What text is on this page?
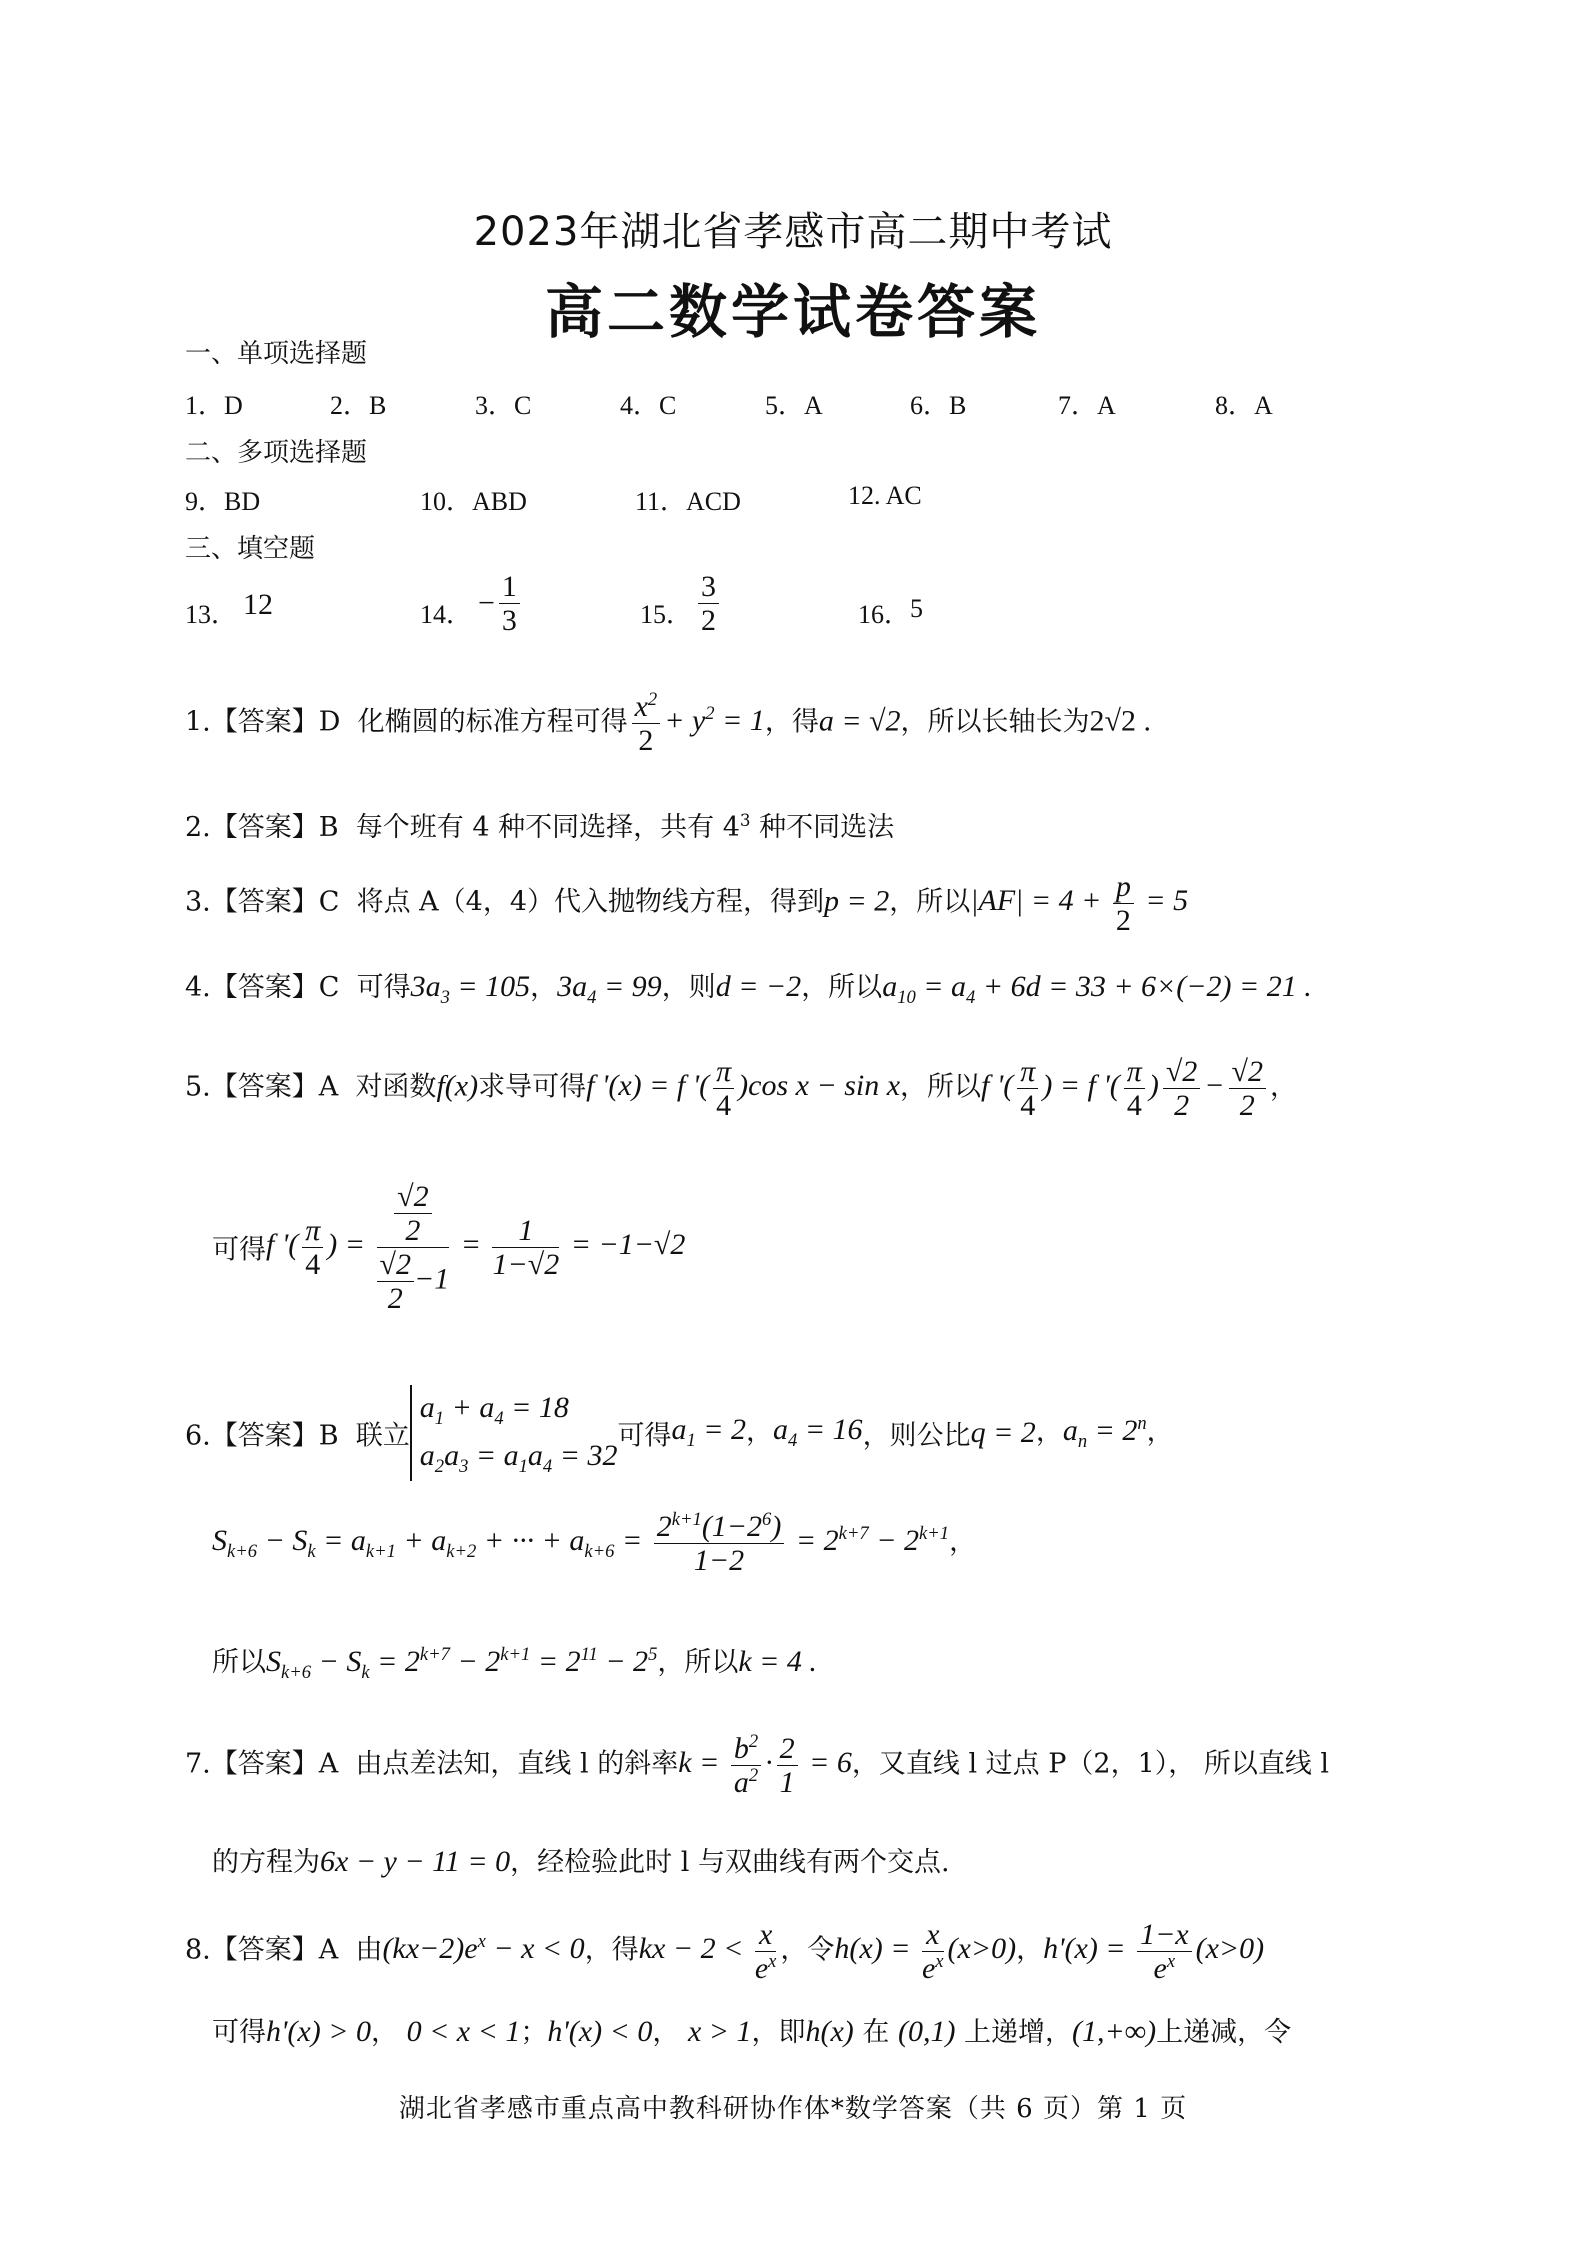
2023年湖北省孝感市高二期中考试
高二数学试卷答案
一、单项选择题
1．D	2．B	3．C	4．C	5．A	6．B	7．A	8．A
二、多项选择题
9．BD	10．ABD	11．ACD	12. AC
三、填空题
13． 12	14． − $\frac{1}{3}$	15． $\frac{3}{2}$	16． 5
1.【答案】D 化椭圆的标准方程可得 $\frac{x^2}{2} + y^2 = 1$，得a = √2，所以长轴长为2√2 .
2.【答案】B 每个班有 4 种不同选择，共有 $4^3$ 种不同选法
3.【答案】C 将点 A（4，4）代入抛物线方程，得到p = 2，所以$|AF| = 4 + \frac{p}{2} = 5$
4.【答案】C 可得$3a_3 = 105$，$3a_4 = 99$，则d = −2，所以$a_{10} = a_4 + 6d = 33 + 6\times(-2) = 21$ .
5.【答案】A 对函数f(x)求导可得f '(x) = f '( $\frac{\pi}{4} )\cos$ x − sin x，所以f '( $\frac{\pi}{4}$ ) = f '( $\frac{\pi}{4}$ ) $\frac{√2}{2} - \frac{√2}{2}$ ，
可得f '( $\frac{\pi}{4}$ ) = $\frac{\frac{√2}{2}}{\frac{√2}{2} -1} = \frac{1}{1-√2} = -1-√2$
6.【答案】B 联立$a_1 + a_4 = 18$
$a_2a_3 = a_1a_4 = 32$可得$a_1 = 2$，$a_4 = 16$，则公比q = 2，$a_n = 2^n$，
$S_{k+6} - S_k = a_{k+1} + a_{k+2}$ + ··· + $a_{k+6} = \frac{2^{k+1}(1-2^6)}{1-2} = 2^{k+7} - 2^{k+1}$，
所以$S_{k+6} - S_k = 2^{k+7} - 2^{k+1} = 2^{11} - 2^5$，所以k = 4 .
7.【答案】A 由点差法知，直线 l 的斜率$k = \frac{b^2}{a^2} \cdot \frac{2}{1} = 6$，又直线 l 过点 P（2，1）， 所以直线 l
的方程为6x − y − 11 = 0，经检验此时 l 与双曲线有两个交点.
8.【答案】A 由$(kx-2)e^x - x < 0$，得kx − $2 < \frac{x}{e^x}$ ，令$h(x) = \frac{x}{e^x} (x>0)$，$h'(x) = \frac{1-x}{e^x} (x>0)$
可得h'(x) > 0， 0 < x < 1；h'(x) < 0， x > 1，即h(x) 在 (0,1) 上递增，(1,+∞)上递减，令
湖北省孝感市重点高中教科研协作体*数学答案（共 6 页）第 1 页
